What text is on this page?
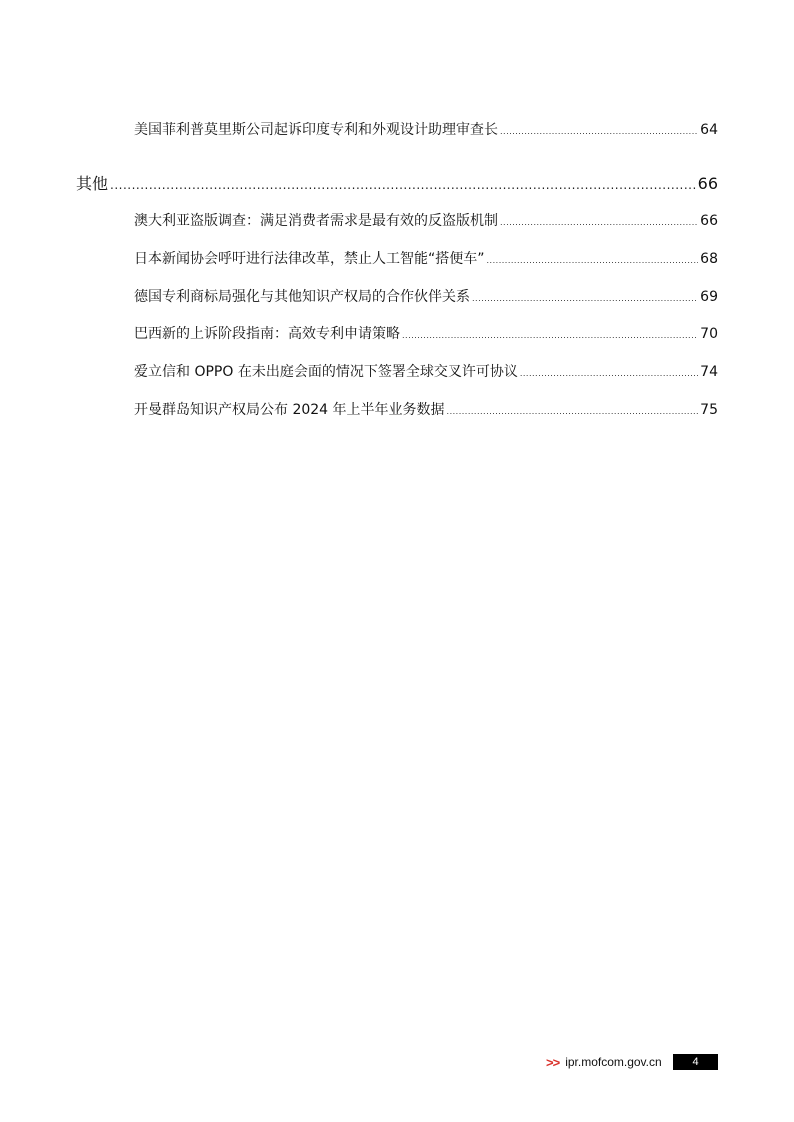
美国菲利普莫里斯公司起诉印度专利和外观设计助理审查长 .....	64
其他 .....	66
澳大利亚盗版调查：满足消费者需求是最有效的反盗版机制 .....	66
日本新闻协会呼吁进行法律改革，禁止人工智能“搭便车” .....	68
德国专利商标局强化与其他知识产权局的合作伙伴关系 .....	69
巴西新的上诉阶段指南：高效专利申请策略 .....	70
爱立信和 OPPO 在未出庭会面的情况下签署全球交叉许可协议 .....	74
开曼群岛知识产权局公布 2024 年上半年业务数据 .....	75
>> ipr.mofcom.gov.cn	4
